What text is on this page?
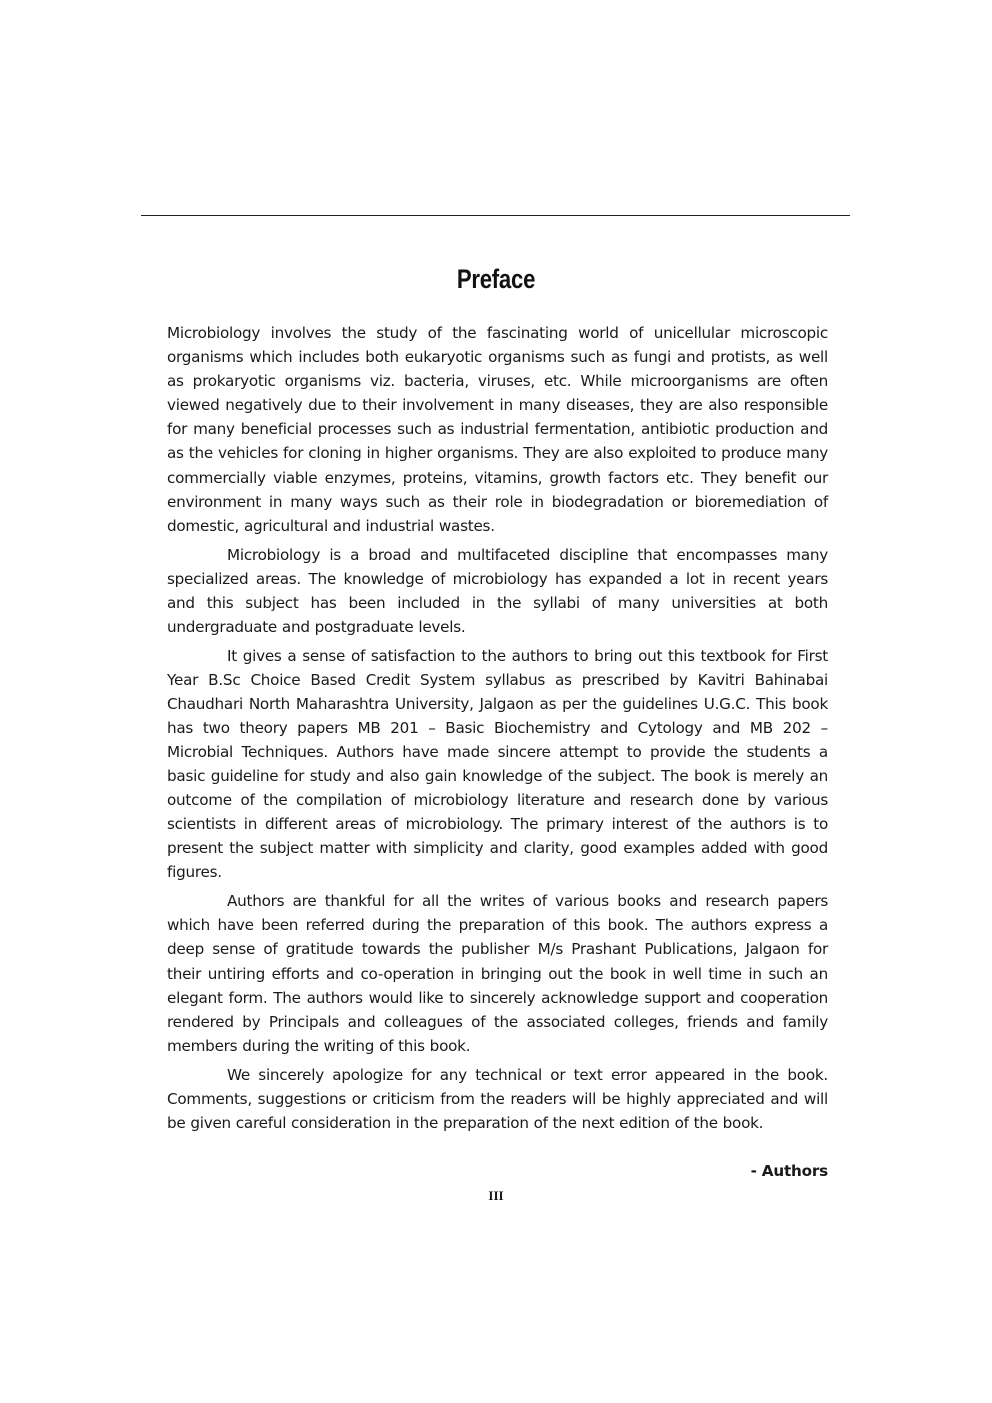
Preface

Microbiology involves the study of the fascinating world of unicellular microscopic organisms which includes both eukaryotic organisms such as fungi and protists, as well as prokaryotic organisms viz. bacteria, viruses, etc. While microorganisms are often viewed negatively due to their involvement in many diseases, they are also responsible for many beneficial processes such as industrial fermentation, antibiotic production and as the vehicles for cloning in higher organisms. They are also exploited to produce many commercially viable enzymes, proteins, vitamins, growth factors etc. They benefit our environment in many ways such as their role in biodegradation or bioremediation of domestic, agricultural and industrial wastes.

Microbiology is a broad and multifaceted discipline that encompasses many specialized areas. The knowledge of microbiology has expanded a lot in recent years and this subject has been included in the syllabi of many universities at both undergraduate and postgraduate levels.

It gives a sense of satisfaction to the authors to bring out this textbook for First Year B.Sc Choice Based Credit System syllabus as prescribed by Kavitri Bahinabai Chaudhari North Maharashtra University, Jalgaon as per the guidelines U.G.C. This book has two theory papers MB 201 – Basic Biochemistry and Cytology and MB 202 – Microbial Techniques. Authors have made sincere attempt to provide the students a basic guideline for study and also gain knowledge of the subject. The book is merely an outcome of the compilation of microbiology literature and research done by various scientists in different areas of microbiology. The primary interest of the authors is to present the subject matter with simplicity and clarity, good examples added with good figures.

Authors are thankful for all the writes of various books and research papers which have been referred during the preparation of this book. The authors express a deep sense of gratitude towards the publisher M/s Prashant Publications, Jalgaon for their untiring efforts and co-operation in bringing out the book in well time in such an elegant form. The authors would like to sincerely acknowledge support and cooperation rendered by Principals and colleagues of the associated colleges, friends and family members during the writing of this book.

We sincerely apologize for any technical or text error appeared in the book. Comments, suggestions or criticism from the readers will be highly appreciated and will be given careful consideration in the preparation of the next edition of the book.

- Authors
III
